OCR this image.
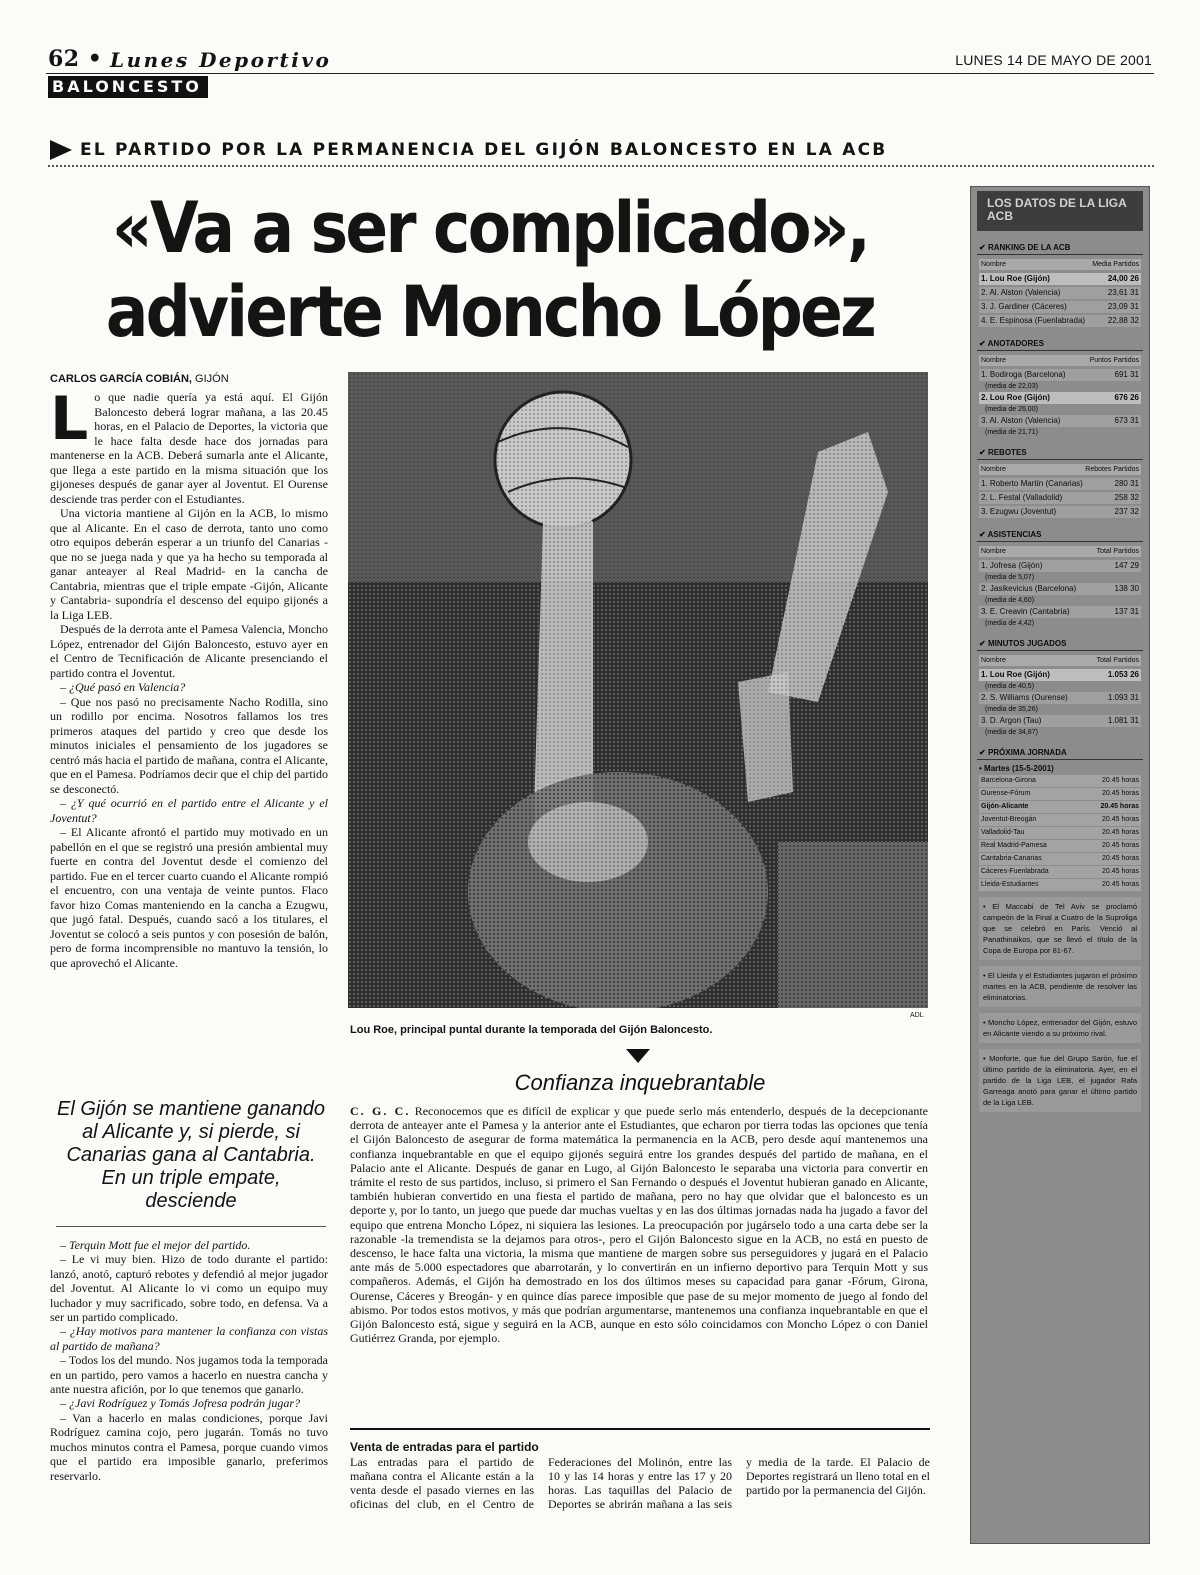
62 • Lunes Deportivo	LUNES 14 DE MAYO DE 2001
BALONCESTO
EL PARTIDO POR LA PERMANENCIA DEL GIJÓN BALONCESTO EN LA ACB
«Va a ser complicado»,
advierte Moncho López
CARLOS GARCÍA COBIÁN, GIJÓN

Lo que nadie quería ya está aquí. El Gijón Baloncesto deberá lograr mañana, a las 20.45 horas, en el Palacio de Deportes, la victoria que le hace falta desde hace dos jornadas para mantenerse en la ACB. Deberá sumarla ante el Alicante, que llega a este partido en la misma situación que los gijoneses después de ganar ayer al Joventut. El Ourense desciende tras perder con el Estudiantes.

Una victoria mantiene al Gijón en la ACB, lo mismo que al Alicante. En el caso de derrota, tanto uno como otro equipos deberán esperar a un triunfo del Canarias -que no se juega nada y que ya ha hecho su temporada al ganar anteayer al Real Madrid- en la cancha de Cantabria, mientras que el triple empate -Gijón, Alicante y Cantabria- supondría el descenso del equipo gijonés a la Liga LEB.

Después de la derrota ante el Pamesa Valencia, Moncho López, entrenador del Gijón Baloncesto, estuvo ayer en el Centro de Tecnificación de Alicante presenciando el partido contra el Joventut.

– ¿Qué pasó en Valencia?

– Que nos pasó no precisamente Nacho Rodilla, sino un rodillo por encima. Nosotros fallamos los tres primeros ataques del partido y creo que desde los minutos iniciales el pensamiento de los jugadores se centró más hacia el partido de mañana, contra el Alicante, que en el Pamesa. Podríamos decir que el chip del partido se desconectó.

– ¿Y qué ocurrió en el partido entre el Alicante y el Joventut?

– El Alicante afrontó el partido muy motivado en un pabellón en el que se registró una presión ambiental muy fuerte en contra del Joventut desde el comienzo del partido. Fue en el tercer cuarto cuando el Alicante rompió el encuentro, con una ventaja de veinte puntos. Flaco favor hizo Comas manteniendo en la cancha a Ezugwu, que jugó fatal. Después, cuando sacó a los titulares, el Joventut se colocó a seis puntos y con posesión de balón, pero de forma incomprensible no mantuvo la tensión, lo que aprovechó el Alicante.

El Gijón se mantiene ganando al Alicante y, si pierde, si Canarias gana al Cantabria. En un triple empate, desciende

– Terquin Mott fue el mejor del partido.

– Le vi muy bien. Hizo de todo durante el partido: lanzó, anotó, capturó rebotes y defendió al mejor jugador del Joventut. Al Alicante lo vi como un equipo muy luchador y muy sacrificado, sobre todo, en defensa. Va a ser un partido complicado.

– ¿Hay motivos para mantener la confianza con vistas al partido de mañana?

– Todos los del mundo. Nos jugamos toda la temporada en un partido, pero vamos a hacerlo en nuestra cancha y ante nuestra afición, por lo que tenemos que ganarlo.

– ¿Javi Rodríguez y Tomás Jofresa podrán jugar?

– Van a hacerlo en malas condiciones, porque Javi Rodríguez camina cojo, pero jugarán. Tomás no tuvo muchos minutos contra el Pamesa, porque cuando vimos que el partido era imposible ganarlo, preferimos reservarlo.

ADL
Lou Roe, principal puntal durante la temporada del Gijón Baloncesto.
Confianza inquebrantable

C. G. C. Reconocemos que es difícil de explicar y que puede serlo más entenderlo, después de la decepcionante derrota de anteayer ante el Pamesa y la anterior ante el Estudiantes, que echaron por tierra todas las opciones que tenía el Gijón Baloncesto de asegurar de forma matemática la permanencia en la ACB, pero desde aquí mantenemos una confianza inquebrantable en que el equipo gijonés seguirá entre los grandes después del partido de mañana, en el Palacio ante el Alicante. Después de ganar en Lugo, al Gijón Baloncesto le separaba una victoria para convertir en trámite el resto de sus partidos, incluso, si primero el San Fernando o después el Joventut hubieran ganado en Alicante, también hubieran convertido en una fiesta el partido de mañana, pero no hay que olvidar que el baloncesto es un deporte y, por lo tanto, un juego que puede dar muchas vueltas y en las dos últimas jornadas nada ha jugado a favor del equipo que entrena Moncho López, ni siquiera las lesiones. La preocupación por jugárselo todo a una carta debe ser la razonable -la tremendista se la dejamos para otros-, pero el Gijón Baloncesto sigue en la ACB, no está en puesto de descenso, le hace falta una victoria, la misma que mantiene de margen sobre sus perseguidores y jugará en el Palacio ante más de 5.000 espectadores que abarrotarán, y lo convertirán en un infierno deportivo para Terquin Mott y sus compañeros. Además, el Gijón ha demostrado en los dos últimos meses su capacidad para ganar -Fórum, Girona, Ourense, Cáceres y Breogán- y en quince días parece imposible que pase de su mejor momento de juego al fondo del abismo. Por todos estos motivos, y más que podrían argumentarse, mantenemos una confianza inquebrantable en que el Gijón Baloncesto está, sigue y seguirá en la ACB, aunque en esto sólo coincidamos con Moncho López o con Daniel Gutiérrez Granda, por ejemplo.

Venta de entradas para el partido

Las entradas para el partido de mañana contra el Alicante están a la venta desde el pasado viernes en las oficinas del club, en el Centro de Federaciones del Molinón, entre las 10 y las 14 horas y entre las 17 y 20 horas. Las taquillas del Palacio de Deportes se abrirán mañana a las seis y media de la tarde. El Palacio de Deportes registrará un lleno total en el partido por la permanencia del Gijón.

LOS DATOS DE LA LIGA ACB
✔ RANKING DE LA ACB
Nombre	Media Partidos
1. Lou Roe (Gijón)	24,00 26
2. Al. Alston (Valencia)	23,61 31
3. J. Gardiner (Cáceres)	23,09 31
4. E. Espinosa (Fuenlabrada)	22,88 32
✔ ANOTADORES
Nombre	Puntos Partidos
1. Bodiroga (Barcelona)	691 31
(media de 22,03)
2. Lou Roe (Gijón)	676 26
(media de 26,00)
3. Al. Alston (Valencia)	673 31
(media de 21,71)
✔ REBOTES
Nombre	Rebotes Partidos
1. Roberto Martín (Canarias)	280 31
2. L. Festal (Valladolid)	258 32
3. Ezugwu (Joventut)	237 32
✔ ASISTENCIAS
Nombre	Total Partidos
1. Jofresa (Gijón)	147 29
(media de 5,07)
2. Jasikevicius (Barcelona)	138 30
(media de 4,60)
3. E. Creavin (Cantabria)	137 31
(media de 4,42)
✔ MINUTOS JUGADOS
Nombre	Total Partidos
1. Lou Roe (Gijón)	1.053 26
(media de 40,5)
2. S. Williams (Ourense)	1.093 31
(media de 35,26)
3. D. Argon (Tau)	1.081 31
(media de 34,87)
✔ PRÓXIMA JORNADA
• Martes (15-5-2001)
Barcelona-Girona	20.45 horas
Ourense-Fórum	20.45 horas
Gijón-Alicante	20.45 horas
Joventut-Breogán	20.45 horas
Valladolid-Tau	20.45 horas
Real Madrid-Pamesa	20.45 horas
Cantabria-Canarias	20.45 horas
Cáceres-Fuenlabrada	20.45 horas
Lleida-Estudiantes	20.45 horas
• El Maccabi de Tel Aviv se proclamó campeón de la Final a Cuatro de la Suproliga que se celebró en París. Venció al Panathinaikos, que se llevó el título de la Copa de Europa por 81-67.
• El Lleida y el Estudiantes jugaron el próximo martes en la ACB, pendiente de resolver las eliminatorias.
• Moncho López, entrenador del Gijón, estuvo en Alicante viendo a su próximo rival.
• Monforte, que fue del Grupo Sarón, fue el último partido de la eliminatoria. Ayer, en el partido de la Liga LEB, el jugador Rafa Garreaga anotó para ganar el último partido de la Liga LEB.
